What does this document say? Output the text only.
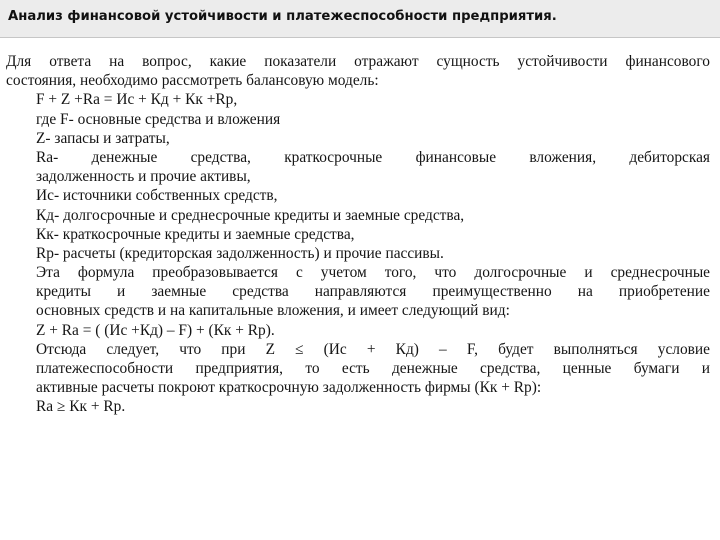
Анализ финансовой устойчивости и платежеспособности предприятия.
Для ответа на вопрос, какие показатели отражают сущность устойчивости финансового
состояния, необходимо рассмотреть балансовую модель:
F + Z +Ra = Ис + Кд + Кк +Rp,
где F- основные средства и вложения
Z- запасы и затраты,
Ra- денежные средства, краткосрочные финансовые вложения, дебиторская
задолженность и прочие активы,
Ис- источники собственных средств,
Кд- долгосрочные и среднесрочные кредиты и заемные средства,
Кк- краткосрочные кредиты и заемные средства,
Rp- расчеты (кредиторская задолженность) и прочие пассивы.
Эта формула преобразовывается с учетом того, что долгосрочные и среднесрочные
кредиты и заемные средства направляются преимущественно на приобретение
основных средств и на капитальные вложения, и имеет следующий вид:
Z + Ra = ( (Ис +Кд) – F) + (Кк + Rp).
Отсюда следует, что при Z ≤ (Ис + Кд) – F, будет выполняться условие
платежеспособности предприятия, то есть денежные средства, ценные бумаги и
активные расчеты покроют краткосрочную задолженность фирмы (Кк + Rp):
Ra ≥ Кк + Rp.
